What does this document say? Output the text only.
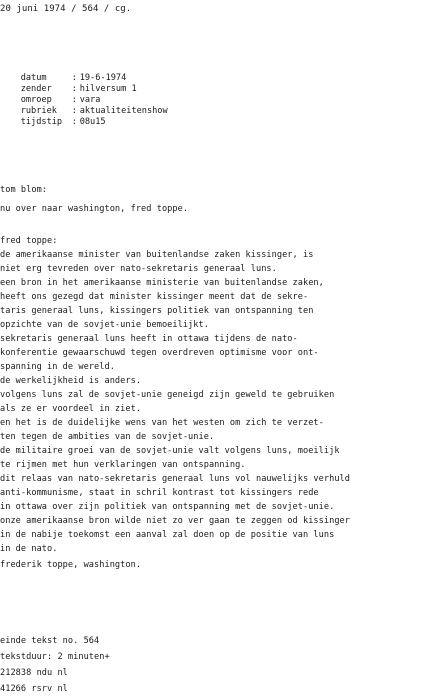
20 juni 1974 / 564 / cg.

datum	: 19-6-1974

zender : hilversum 1

omroep : vara

rubriek : aktualiteitenshow

tijdstip : 08u15

tom blom:
nu over naar washington, fred toppe.
fred toppe:
de amerikaanse minister van buitenlandse zaken kissinger, is
niet erg tevreden over nato-sekretaris generaal luns.
een bron in het amerikaanse ministerie van buitenlandse zaken,
heeft ons gezegd dat minister kissinger meent dat de sekre-
taris generaal luns, kissingers politiek van ontspanning ten
opzichte van de sovjet-unie bemoeilijkt.
sekretaris generaal luns heeft in ottawa tijdens de nato-
konferentie gewaarschuwd tegen overdreven optimisme voor ont-
spanning in de wereld.
de werkelijkheid is anders.
volgens luns zal de sovjet-unie geneigd zijn geweld te gebruiken
als ze er voordeel in ziet.
en het is de duidelijke wens van het westen om zich te verzet-
ten tegen de ambities van de sovjet-unie.
de militaire groei van de sovjet-unie valt volgens luns, moeilijk
te rijmen met hun verklaringen van ontspanning.
dit relaas van nato-sekretaris generaal luns vol nauwelijks verhuld
anti-kommunisme, staat in schril kontrast tot kissingers rede
in ottawa over zijn politiek van ontspanning met de sovjet-unie.
onze amerikaanse bron wilde niet zo ver gaan te zeggen od kissinger
in de nabije toekomst een aanval zal doen op de positie van luns
in de nato.
frederik toppe, washington.
einde tekst no. 564
tekstduur: 2 minuten+
212838 ndu nl
41266 rsrv nl
